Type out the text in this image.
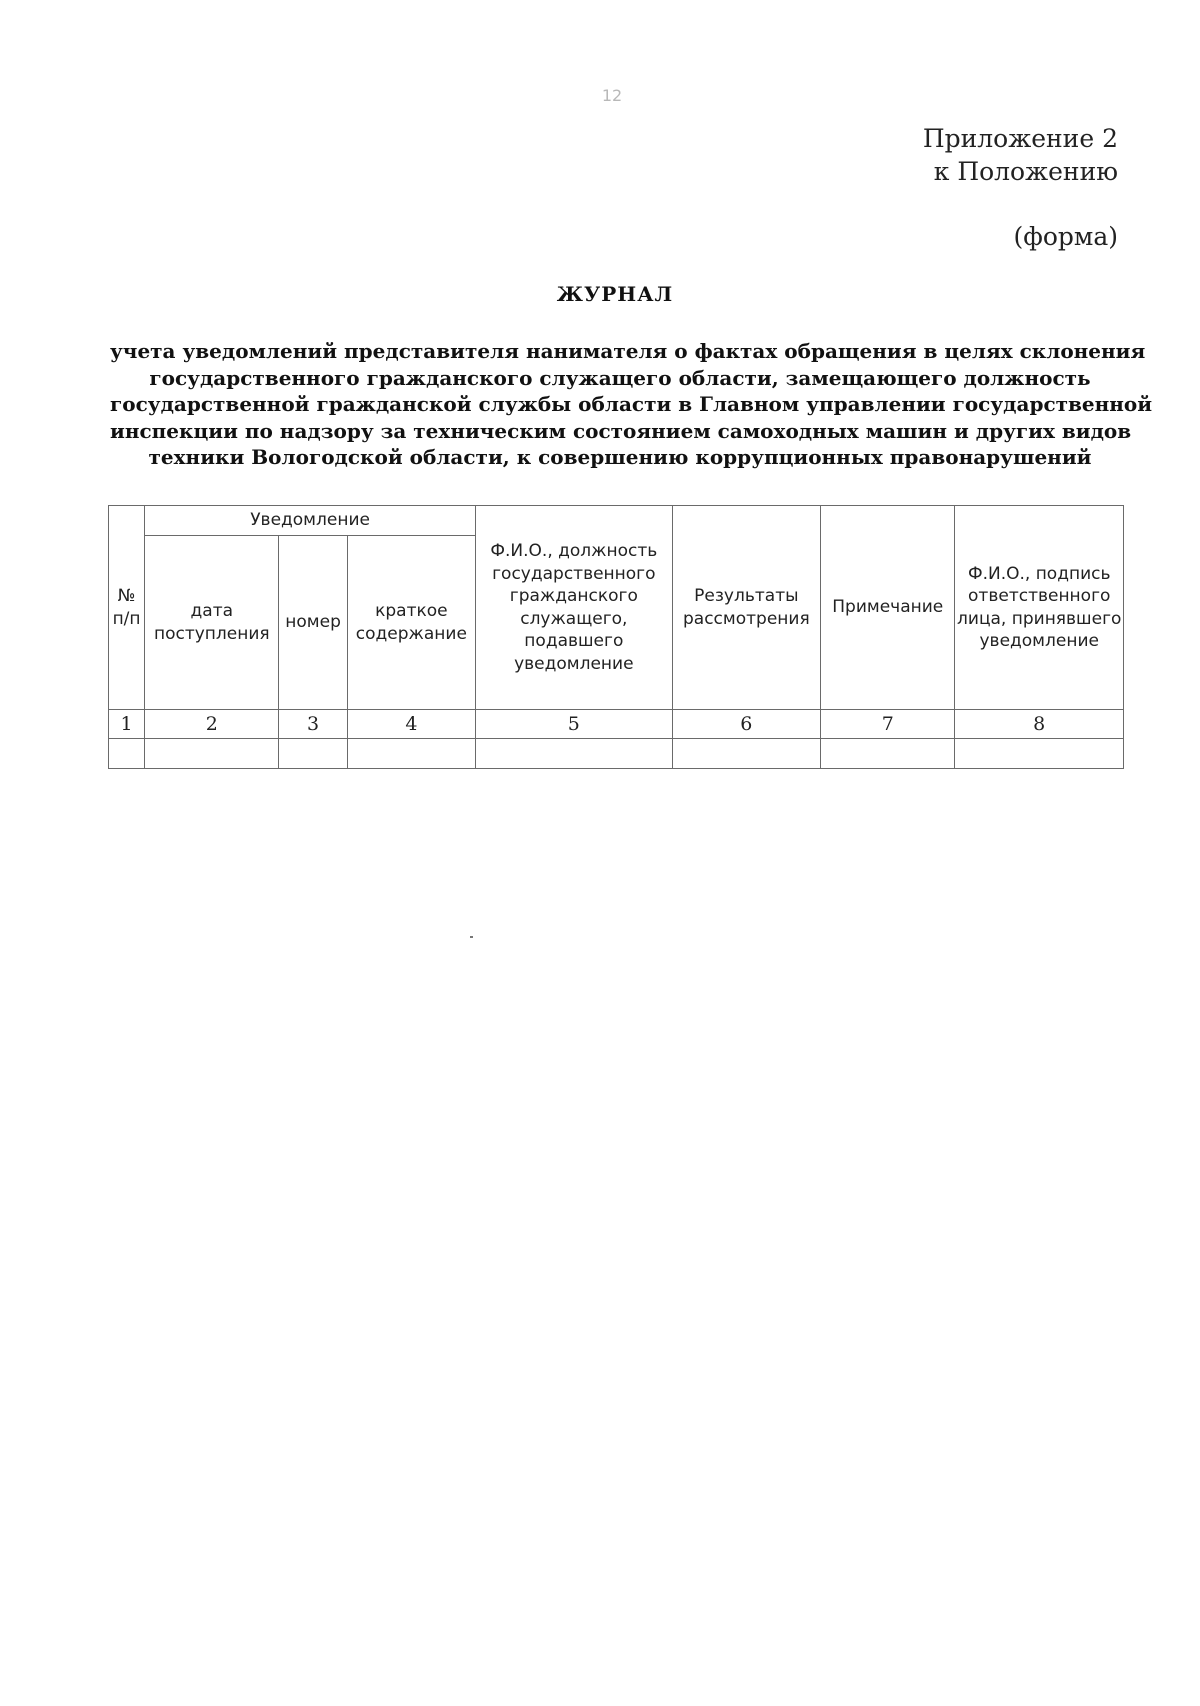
12
Приложение 2
к Положению
(форма)
ЖУРНАЛ
учета уведомлений представителя нанимателя о фактах обращения в целях склонения
государственного гражданского служащего области, замещающего должность
государственной гражданской службы области в Главном управлении государственной
инспекции по надзору за техническим состоянием самоходных машин и других видов
техники Вологодской области, к совершению коррупционных правонарушений
№ п/п	Уведомление			Ф.И.О., должность государственного гражданского служащего, подавшего уведомление	Результаты рассмотрения	Примечание	Ф.И.О., подпись ответственного лица, принявшего уведомление
	дата поступления	номер	краткое содержание				
1	2	3	4	5	6	7	8
